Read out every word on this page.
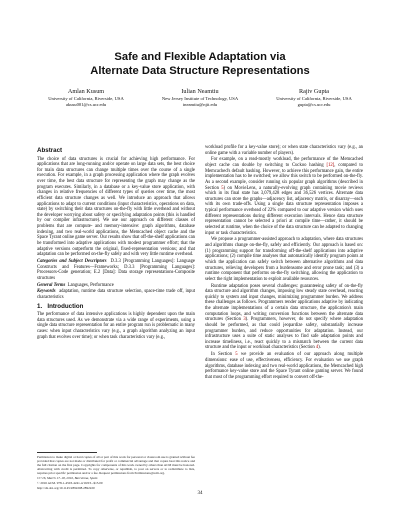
Safe and Flexible Adaptation via
Alternate Data Structure Representations
Amlan Kusum
University of California, Riverside, USA
akusu001@cs.ucr.edu
Iulian Neamtiu
New Jersey Institute of Technology, USA
ineamtiu@njit.edu
Rajiv Gupta
University of California, Riverside, USA
gupta@cs.ucr.edu
Abstract

The choice of data structures is crucial for achieving high performance. For applications that are long-running and/or operate on large data sets, the best choice for main data structures can change multiple times over the course of a single execution. For example, in a graph processing application where the graph evolves over time, the best data structure for representing the graph may change as the program executes. Similarly, in a database or a key-value store application, with changes in relative frequencies of different types of queries over time, the most efficient data structure changes as well. We introduce an approach that allows applications to adapt to current conditions (input characteristics, operations on data, state) by switching their data structures on-the-fly with little overhead and without the developer worrying about safety or specifying adaptation points (this is handled by our compiler infrastructure). We use our approach on different classes of problems that are compute- and memory-intensive: graph algorithms, database indexing, and two real-world applications, the Memcached object cache and the Space Tyrant online game server. Our results show that off-the-shelf applications can be transformed into adaptive applications with modest programmer effort; that the adaptive versions outperform the original, fixed-representation versions; and that adaptation can be performed on-the-fly safely and with very little runtime overhead.

Categories and Subject Descriptors D.3.3 [Programming Languages]: Language Constructs and Features—Frameworks; D.3.3 [Programming Languages]: Processors-Code generation; E.2 [Data]: Data storage representations-Composite structures

General Terms Languages, Performance

Keywords adaptation, runtime data structure selection, space-time trade off, input characteristics

1. Introduction

The performance of data intensive applications is highly dependent upon the main data structures used. As we demonstrate via a wide range of experiments, using a single data structure representation for an entire program run is problematic in many cases: when input characteristics vary (e.g., a graph algorithm analyzing an input graph that evolves over time); or when task characteristics vary (e.g.,

Permission to make digital or hard copies of all or part of this work for personal or classroom use is granted without fee provided that copies are not made or distributed for profit or commercial advantage and that copies bear this notice and the full citation on the first page. Copyrights for components of this work owned by others than ACM must be honored. Abstracting with credit is permitted. To copy otherwise, or republish, to post on servers or to redistribute to lists, requires prior specific permission and/or a fee. Request permissions from Permissions@acm.org.

CC'16, March 17–18, 2016, Barcelona, Spain

© 2016 ACM. 978-1-4503-4241-4/16/03...$15.00

http://dx.doi.org/10.1145/2892208.2892220

workload profile for a key-value store); or when state characteristics vary (e.g., an online game with a variable number of players).

For example, on a read-mostly workload, the performance of the Memcached object cache can double by switching to Cuckoo hashing [12], compared to Memcached's default hashing. However, to achieve this performance gain, the entire implementation has to be switched; we allow this switch to be performed on-the-fly. As a second example, consider running six popular graph algorithms (described in Section 5) on MovieLens, a naturally-evolving graph containing movie reviews which in its final state has 3,079,428 edges and 36,526 vertices. Alternate data structures can store the graphs—adjacency list, adjacency matrix, or disarray—each with its own trade-offs. Using a single data structure representation imposes a typical performance overhead of 22% compared to our adaptive version which uses different representations during different execution intervals. Hence data structure representation cannot be selected a priori at compile time—rather, it should be selected at runtime, when the choice of the data structure can be adapted to changing input or task characteristics.

We propose a programmer-assisted approach to adaptation, where data structures and algorithms change on-the-fly, safely and efficiently. Our approach is based on: (1) programming support for transforming off-the-shelf applications into adaptive applications; (2) compile time analyses that automatically identify program points at which the application can safely switch between alternative algorithms and data structures, relieving developers from a burdensome and error prone task; and (3) a runtime component that performs on-the-fly switching, allowing the application to select the right implementation to exploit available resources.

Runtime adaptation poses several challenges: guaranteeing safety of on-the-fly data structure and algorithm changes, imposing low steady state overhead, reacting quickly to system and input changes, minimizing programmer burden. We address these challenges as follows. Programmers render applications adaptive by indicating the alternate implementations of a certain data structure, the application's main computation loops, and writing conversion functions between the alternate data structures (Section 3). Programmers, however, do not specify where adaptation should be performed, as that could jeopardize safety, substantially increase programmer burden, and reduce opportunities for adaptation. Instead, our infrastructure uses a suite of static analyses to find safe adaptation points and increase timeliness, i.e., react quickly to a mismatch between the current data structure and the input or workload characteristics (Section 4).

In Section 5 we provide an evaluation of our approach along multiple dimensions: ease of use, effectiveness, efficiency. For evaluation we use graph algorithms, database indexing and two real-world applications, the Memcached high performance key-value store and the Space Tyrant online gaming server. We found that most of the programming effort required to convert off-the-

34
